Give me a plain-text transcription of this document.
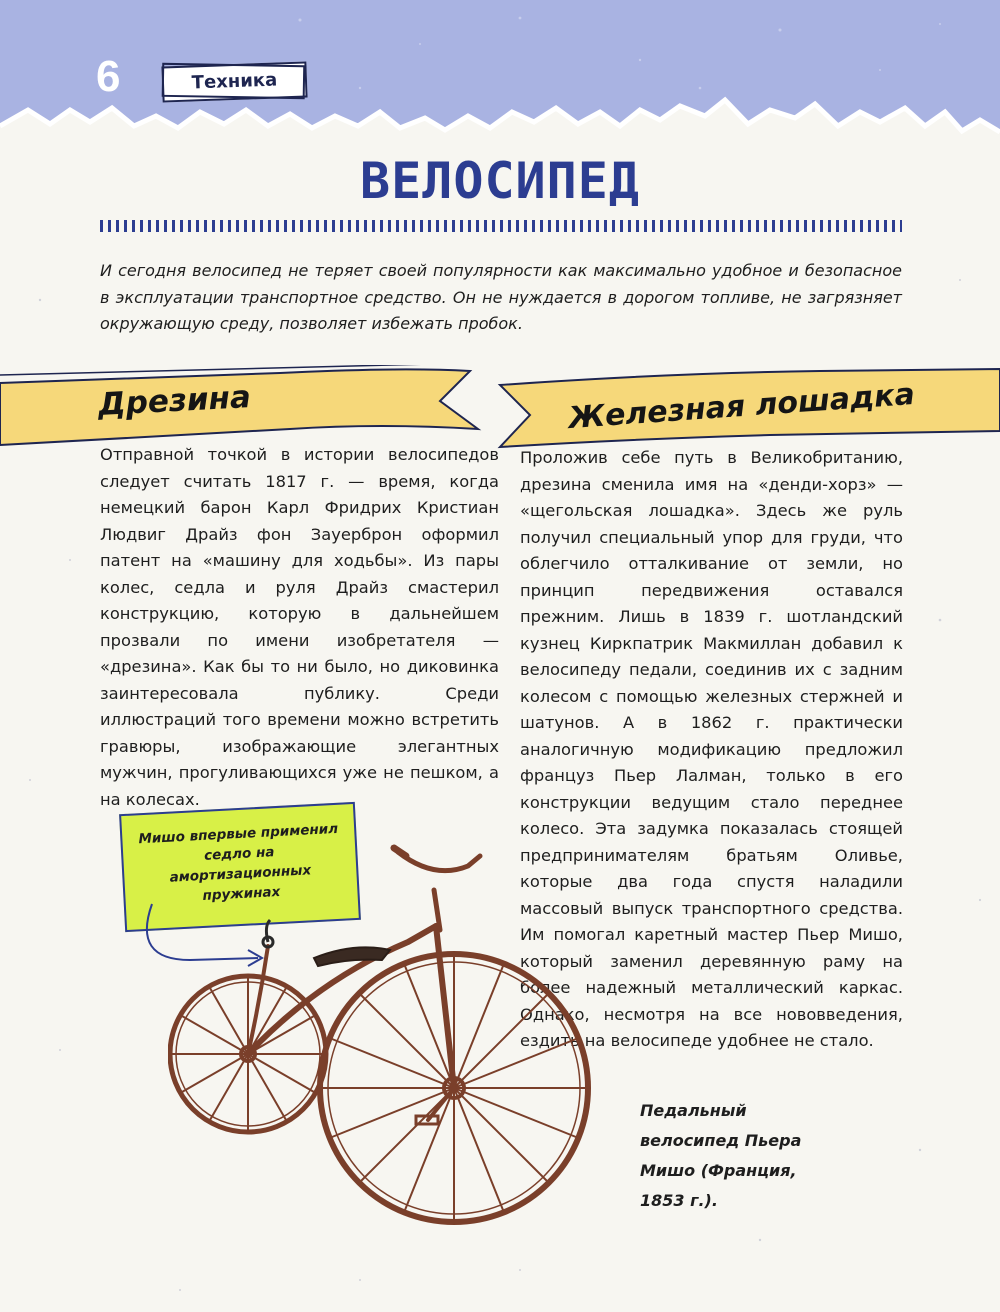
6	Техника
ВЕЛОСИПЕД

И сегодня велосипед не теряет своей популярности как максимально удобное и безопасное в эксплуатации транспортное средство. Он не нуждается в дорогом топливе, не загрязняет окружающую среду, позволяет избежать пробок.

Дрезина	Железная лошадка

Отправной точкой в истории велосипедов следует считать 1817 г. — время, когда немецкий барон Карл Фридрих Кристиан Людвиг Драйз фон Зауерброн оформил патент на «машину для ходьбы». Из пары колес, седла и руля Драйз смастерил конструкцию, которую в дальнейшем прозвали по имени изобретателя — «дрезина». Как бы то ни было, но диковинка заинтересовала публику. Среди иллюстраций того времени можно встретить гравюры, изображающие элегантных мужчин, прогуливающихся уже не пешком, а на колесах.

Проложив себе путь в Великобританию, дрезина сменила имя на «денди-хорз» — «щегольская лошадка». Здесь же руль получил специальный упор для груди, что облегчило отталкивание от земли, но принцип передвижения оставался прежним. Лишь в 1839 г. шотландский кузнец Киркпатрик Макмиллан добавил к велосипеду педали, соединив их с задним колесом с помощью железных стержней и шатунов. А в 1862 г. практически аналогичную модификацию предложил француз Пьер Лалман, только в его конструкции ведущим стало переднее колесо. Эта задумка показалась стоящей предпринимателям братьям Оливье, которые два года спустя наладили массовый выпуск транспортного средства. Им помогал каретный мастер Пьер Мишо, который заменил деревянную раму на более надежный металлический каркас. Однако, несмотря на все нововведения, ездить на велосипеде удобнее не стало.

Мишо впервые применил седло на амортизационных пружинах

Педальный велосипед Пьера Мишо (Франция, 1853 г.).
